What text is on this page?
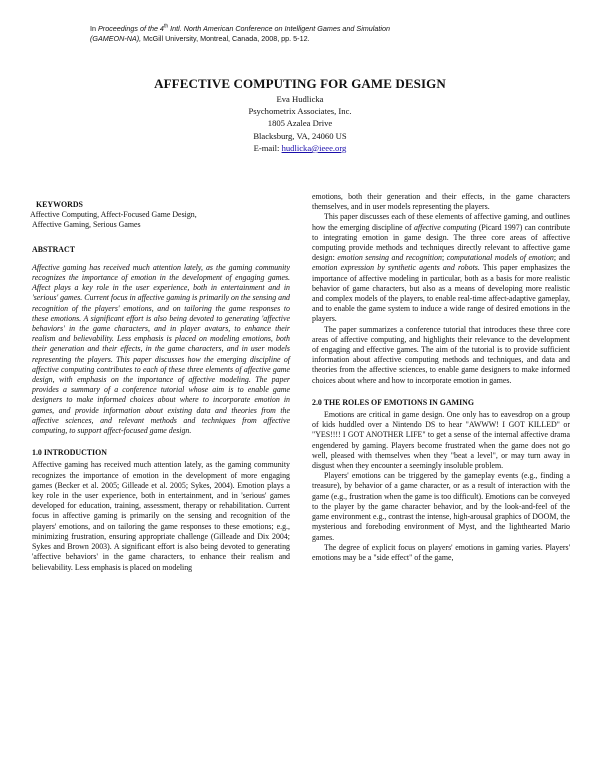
In Proceedings of the 4th Intl. North American Conference on Intelligent Games and Simulation
(GAMEON-NA), McGill University, Montreal, Canada, 2008, pp. 5-12.
AFFECTIVE COMPUTING FOR GAME DESIGN
Eva Hudlicka
Psychometrix Associates, Inc.
1805 Azalea Drive
Blacksburg, VA, 24060 US
E-mail: hudlicka@ieee.org
KEYWORDS
Affective Computing, Affect-Focused Game Design,
Affective Gaming, Serious Games
ABSTRACT
Affective gaming has received much attention lately, as the gaming community recognizes the importance of emotion in the development of engaging games. Affect plays a key role in the user experience, both in entertainment and in 'serious' games. Current focus in affective gaming is primarily on the sensing and recognition of the players' emotions, and on tailoring the game responses to these emotions. A significant effort is also being devoted to generating 'affective behaviors' in the game characters, and in player avatars, to enhance their realism and believability. Less emphasis is placed on modeling emotions, both their generation and their effects, in the game characters, and in user models representing the players. This paper discusses how the emerging discipline of affective computing contributes to each of these three elements of affective game design, with emphasis on the importance of affective modeling. The paper provides a summary of a conference tutorial whose aim is to enable game designers to make informed choices about where to incorporate emotion in games, and provide information about existing data and theories from the affective sciences, and relevant methods and techniques from affective computing, to support affect-focused game design.
1.0 INTRODUCTION
Affective gaming has received much attention lately, as the gaming community recognizes the importance of emotion in the development of more engaging games (Becker et al. 2005; Gilleade et al. 2005; Sykes, 2004). Emotion plays a key role in the user experience, both in entertainment, and in 'serious' games developed for education, training, assessment, therapy or rehabilitation. Current focus in affective gaming is primarily on the sensing and recognition of the players' emotions, and on tailoring the game responses to these emotions; e.g., minimizing frustration, ensuring appropriate challenge (Gilleade and Dix 2004; Sykes and Brown 2003). A significant effort is also being devoted to generating 'affective behaviors' in the game characters, to enhance their realism and believability. Less emphasis is placed on modeling
emotions, both their generation and their effects, in the game characters themselves, and in user models representing the players.
This paper discusses each of these elements of affective gaming, and outlines how the emerging discipline of affective computing (Picard 1997) can contribute to integrating emotion in game design. The three core areas of affective computing provide methods and techniques directly relevant to affective game design: emotion sensing and recognition; computational models of emotion; and emotion expression by synthetic agents and robots. This paper emphasizes the importance of affective modeling in particular, both as a basis for more realistic behavior of game characters, but also as a means of developing more realistic and complex models of the players, to enable real-time affect-adaptive gameplay, and to enable the game system to induce a wide range of desired emotions in the players.
The paper summarizes a conference tutorial that introduces these three core areas of affective computing, and highlights their relevance to the development of engaging and effective games. The aim of the tutorial is to provide sufficient information about affective computing methods and techniques, and data and theories from the affective sciences, to enable game designers to make informed choices about where and how to incorporate emotion in games.
2.0 THE ROLES OF EMOTIONS IN GAMING
Emotions are critical in game design. One only has to eavesdrop on a group of kids huddled over a Nintendo DS to hear "AWWW! I GOT KILLED" or "YES!!!! I GOT ANOTHER LIFE" to get a sense of the internal affective drama engendered by gaming. Players become frustrated when the game does not go well, pleased with themselves when they "beat a level", or may turn away in disgust when they encounter a seemingly insoluble problem.
Players' emotions can be triggered by the gameplay events (e.g., finding a treasure), by behavior of a game character, or as a result of interaction with the game (e.g., frustration when the game is too difficult). Emotions can be conveyed to the player by the game character behavior, and by the look-and-feel of the game environment e.g., contrast the intense, high-arousal graphics of DOOM, the mysterious and foreboding environment of Myst, and the lighthearted Mario games.
The degree of explicit focus on players' emotions in gaming varies. Players' emotions may be a "side effect" of the game,
